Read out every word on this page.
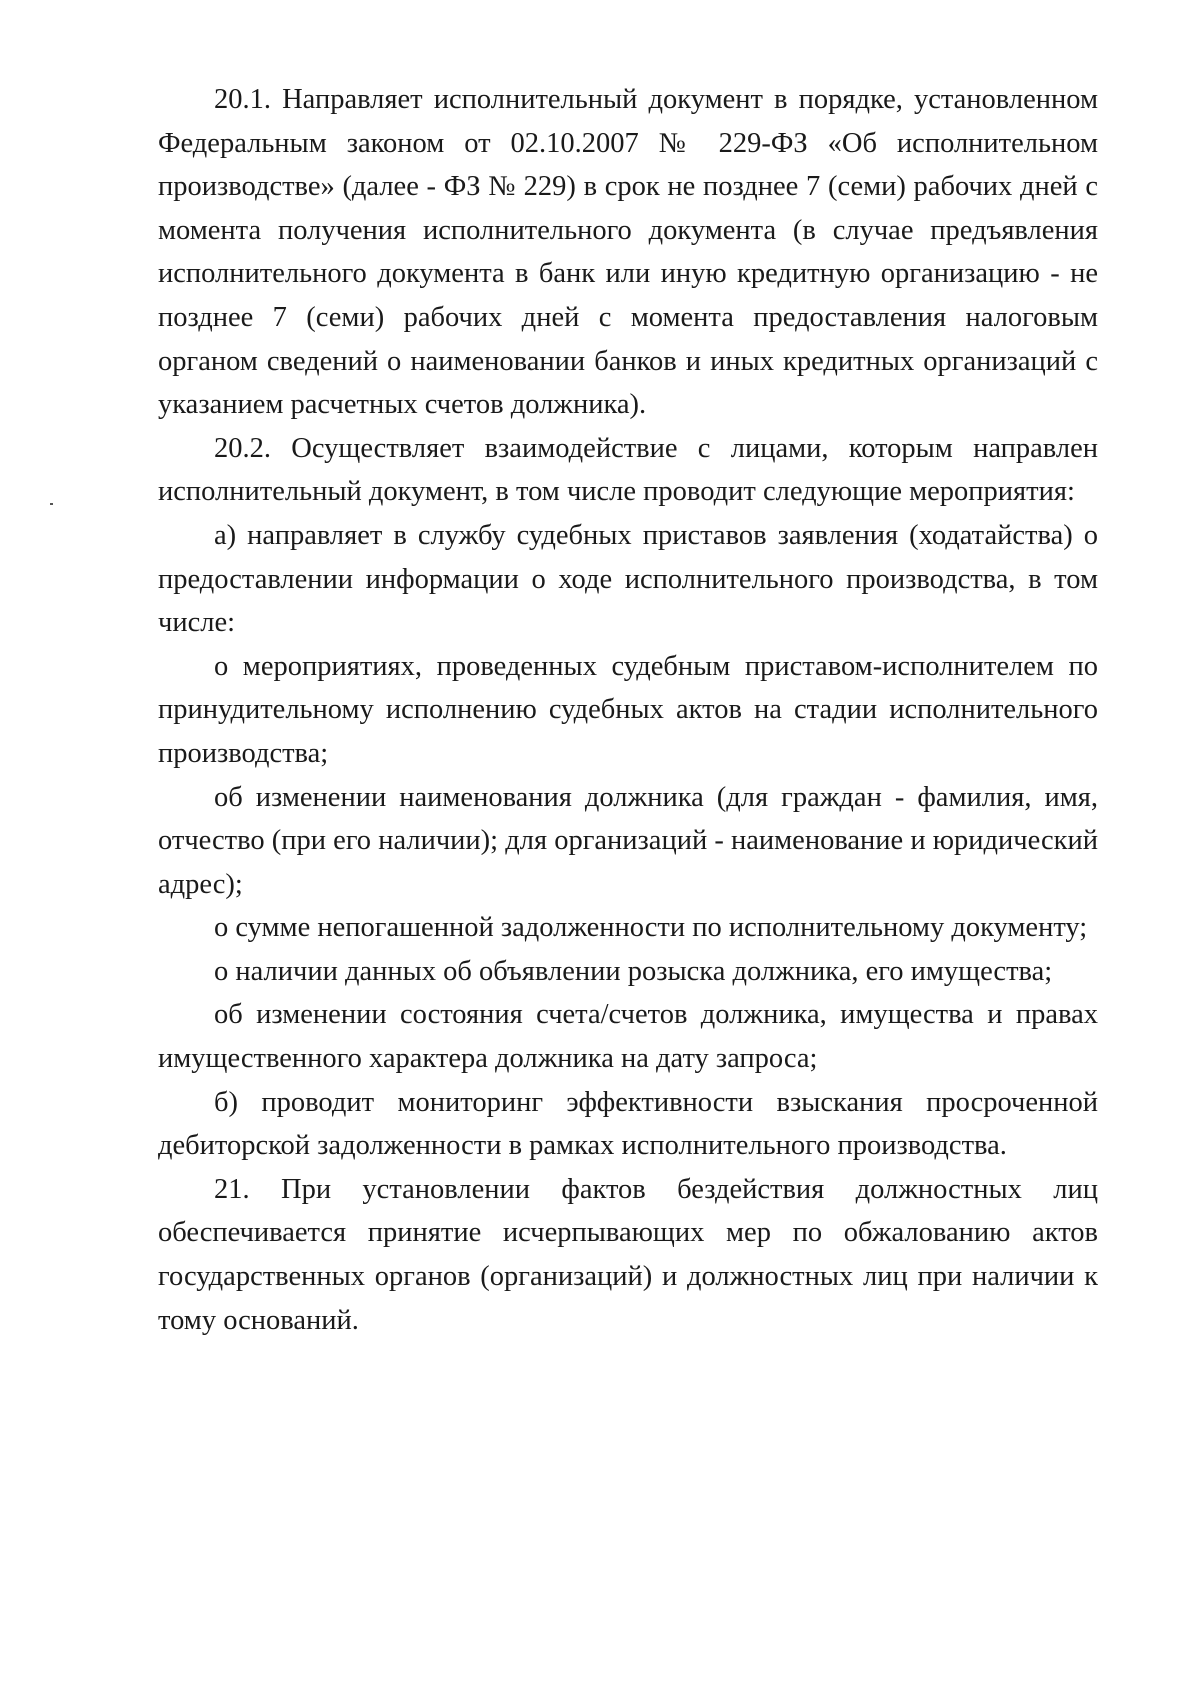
20.1. Направляет исполнительный документ в порядке, установленном Федеральным законом от 02.10.2007 № 229-ФЗ «Об исполнительном производстве» (далее - ФЗ № 229) в срок не позднее 7 (семи) рабочих дней с момента получения исполнительного документа (в случае предъявления исполнительного документа в банк или иную кредитную организацию - не позднее 7 (семи) рабочих дней с момента предоставления налоговым органом сведений о наименовании банков и иных кредитных организаций с указанием расчетных счетов должника).

20.2. Осуществляет взаимодействие с лицами, которым направлен исполнительный документ, в том числе проводит следующие мероприятия:

а) направляет в службу судебных приставов заявления (ходатайства) о предоставлении информации о ходе исполнительного производства, в том числе:

о мероприятиях, проведенных судебным приставом-исполнителем по принудительному исполнению судебных актов на стадии исполнительного производства;

об изменении наименования должника (для граждан - фамилия, имя, отчество (при его наличии); для организаций - наименование и юридический адрес);

о сумме непогашенной задолженности по исполнительному документу;

о наличии данных об объявлении розыска должника, его имущества;

об изменении состояния счета/счетов должника, имущества и правах имущественного характера должника на дату запроса;

б) проводит мониторинг эффективности взыскания просроченной дебиторской задолженности в рамках исполнительного производства.

21. При установлении фактов бездействия должностных лиц обеспечивается принятие исчерпывающих мер по обжалованию актов государственных органов (организаций) и должностных лиц при наличии к тому оснований.
